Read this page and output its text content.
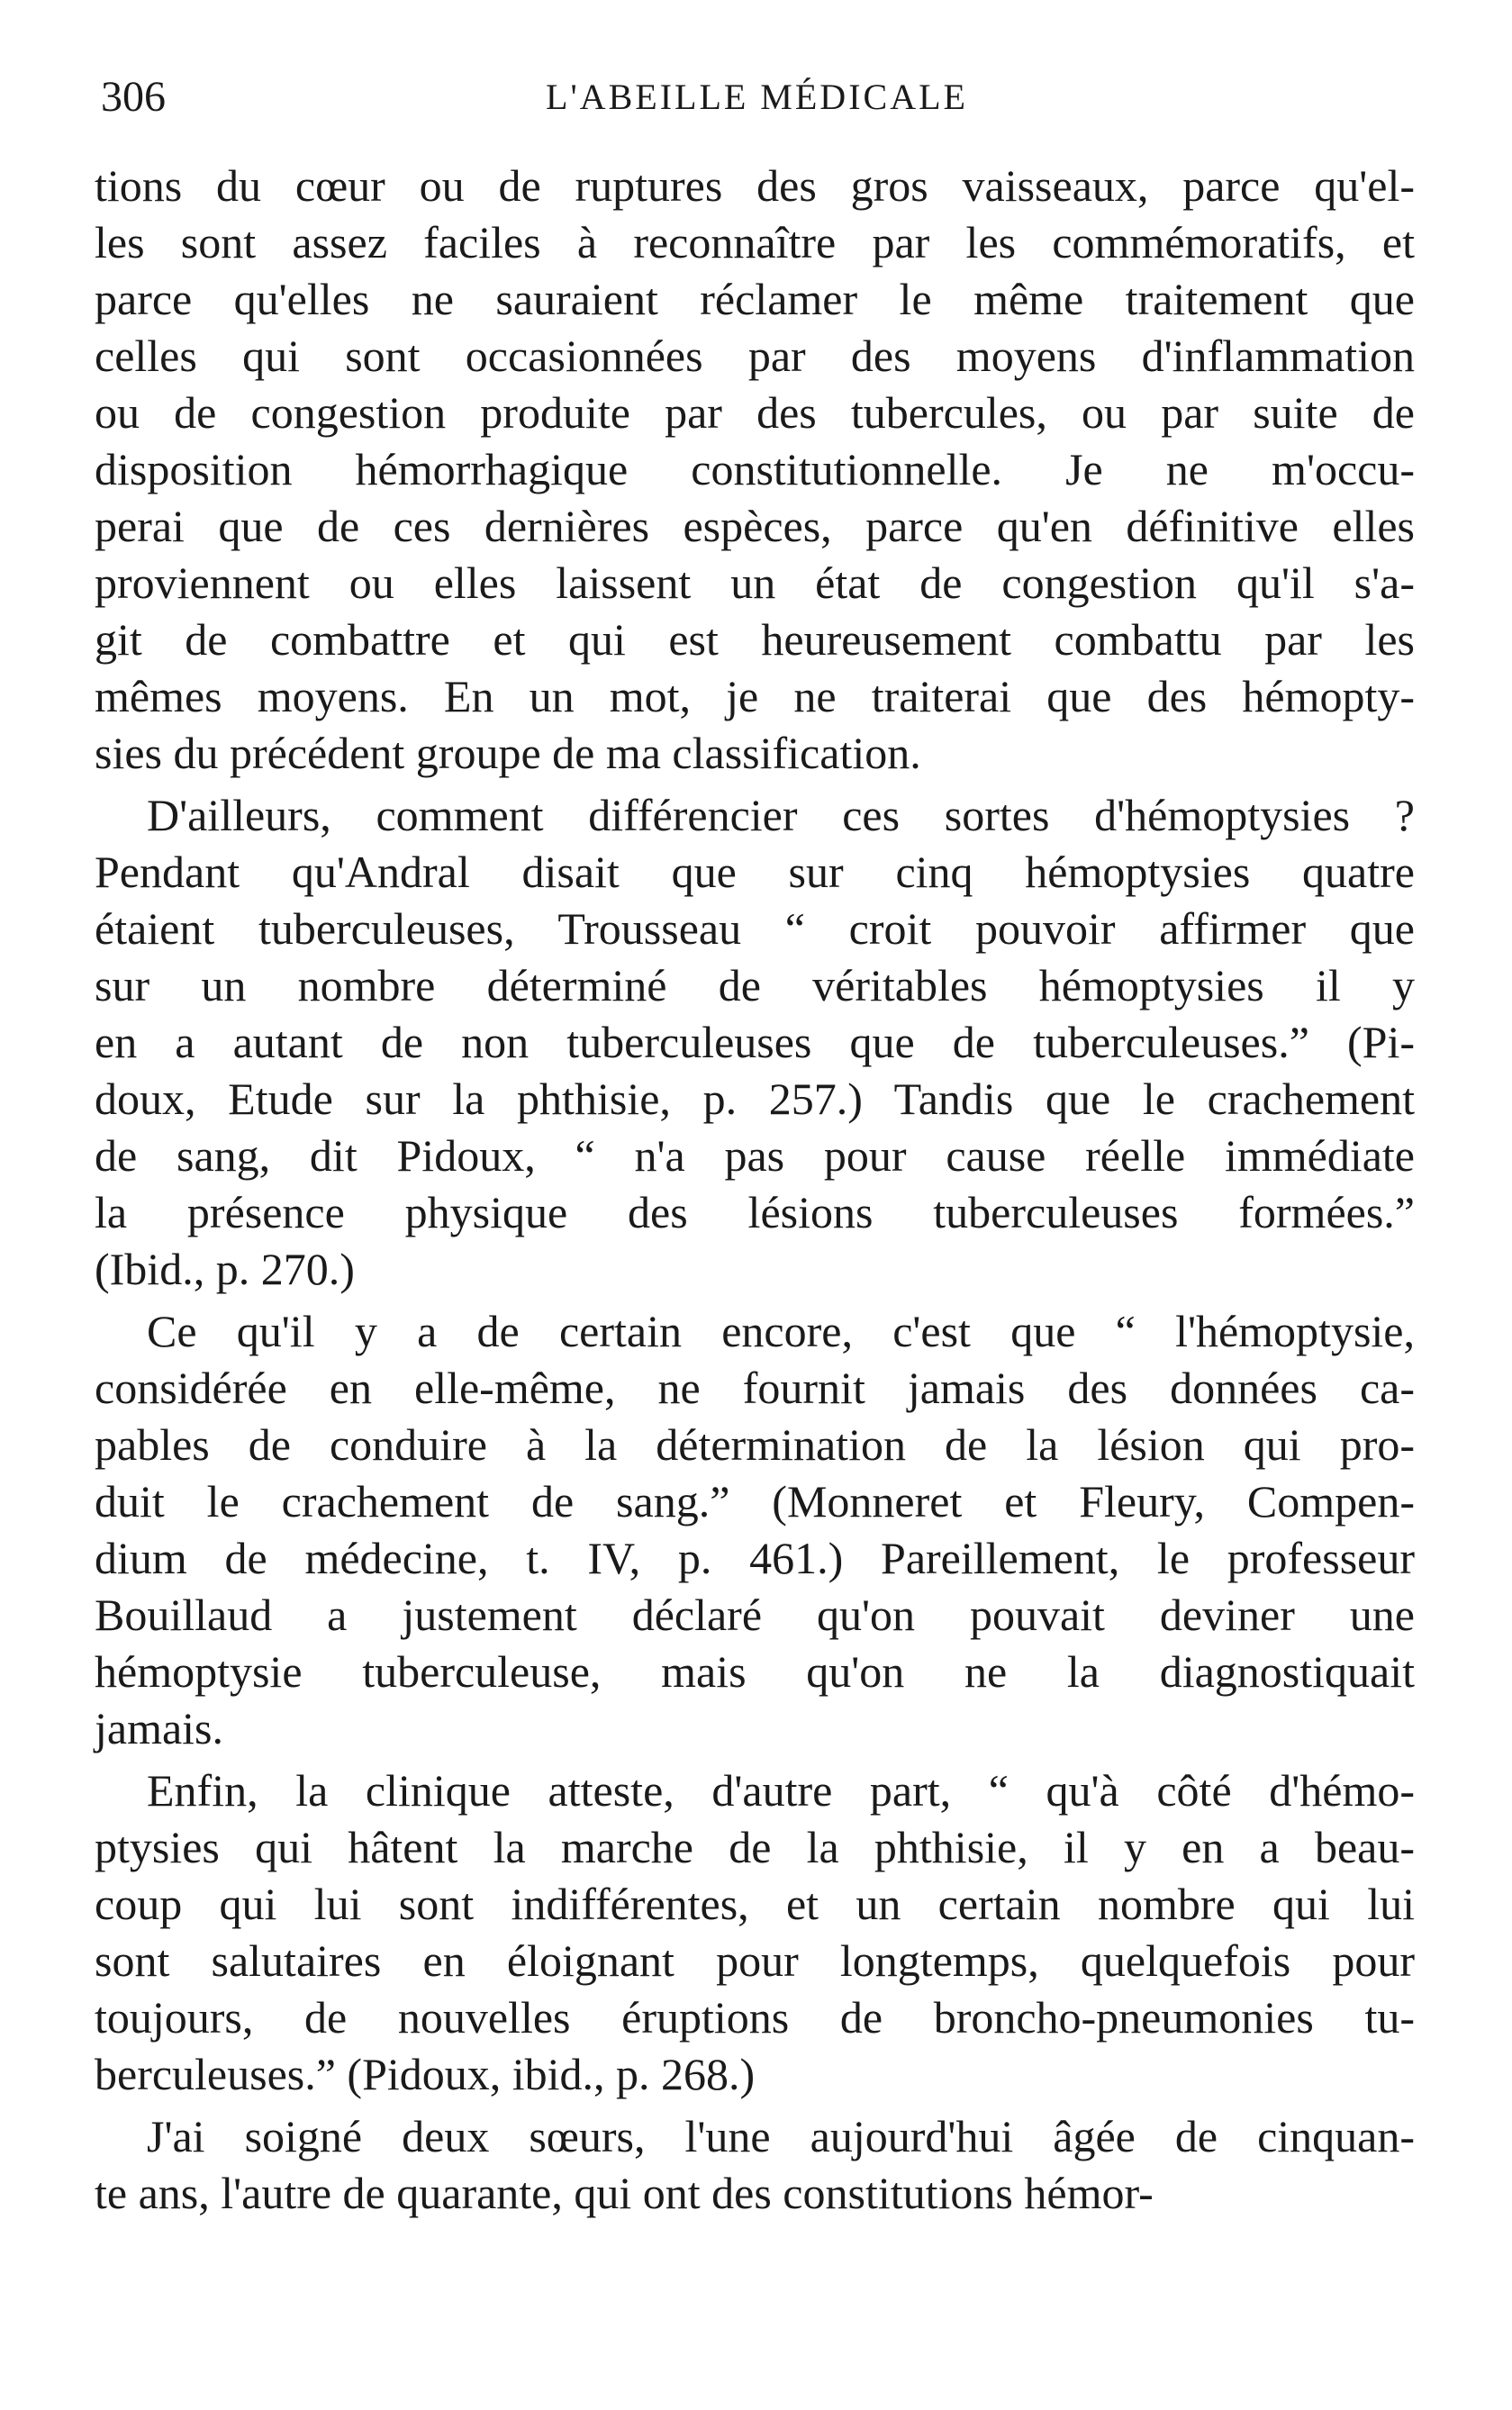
306	L'ABEILLE MÉDICALE
tions du cœur ou de ruptures des gros vaisseaux, parce qu'el-
les sont assez faciles à reconnaître par les commémoratifs, et
parce qu'elles ne sauraient réclamer le même traitement que
celles qui sont occasionnées par des moyens d'inflammation
ou de congestion produite par des tubercules, ou par suite de
disposition hémorrhagique constitutionnelle. Je ne m'occu-
perai que de ces dernières espèces, parce qu'en définitive elles
proviennent ou elles laissent un état de congestion qu'il s'a-
git de combattre et qui est heureusement combattu par les
mêmes moyens. En un mot, je ne traiterai que des hémopty-
sies du précédent groupe de ma classification.
D'ailleurs, comment différencier ces sortes d'hémoptysies ?
Pendant qu'Andral disait que sur cinq hémoptysies quatre
étaient tuberculeuses, Trousseau “ croit pouvoir affirmer que
sur un nombre déterminé de véritables hémoptysies il y
en a autant de non tuberculeuses que de tuberculeuses.” (Pi-
doux, Etude sur la phthisie, p. 257.) Tandis que le crachement
de sang, dit Pidoux, “ n'a pas pour cause réelle immédiate
la présence physique des lésions tuberculeuses formées.”
(Ibid., p. 270.)
Ce qu'il y a de certain encore, c'est que “ l'hémoptysie,
considérée en elle-même, ne fournit jamais des données ca-
pables de conduire à la détermination de la lésion qui pro-
duit le crachement de sang.” (Monneret et Fleury, Compen-
dium de médecine, t. IV, p. 461.) Pareillement, le professeur
Bouillaud a justement déclaré qu'on pouvait deviner une
hémoptysie tuberculeuse, mais qu'on ne la diagnostiquait
jamais.
Enfin, la clinique atteste, d'autre part, “ qu'à côté d'hémo-
ptysies qui hâtent la marche de la phthisie, il y en a beau-
coup qui lui sont indifférentes, et un certain nombre qui lui
sont salutaires en éloignant pour longtemps, quelquefois pour
toujours, de nouvelles éruptions de broncho-pneumonies tu-
berculeuses.” (Pidoux, ibid., p. 268.)
J'ai soigné deux sœurs, l'une aujourd'hui âgée de cinquan-
te ans, l'autre de quarante, qui ont des constitutions hémor-
